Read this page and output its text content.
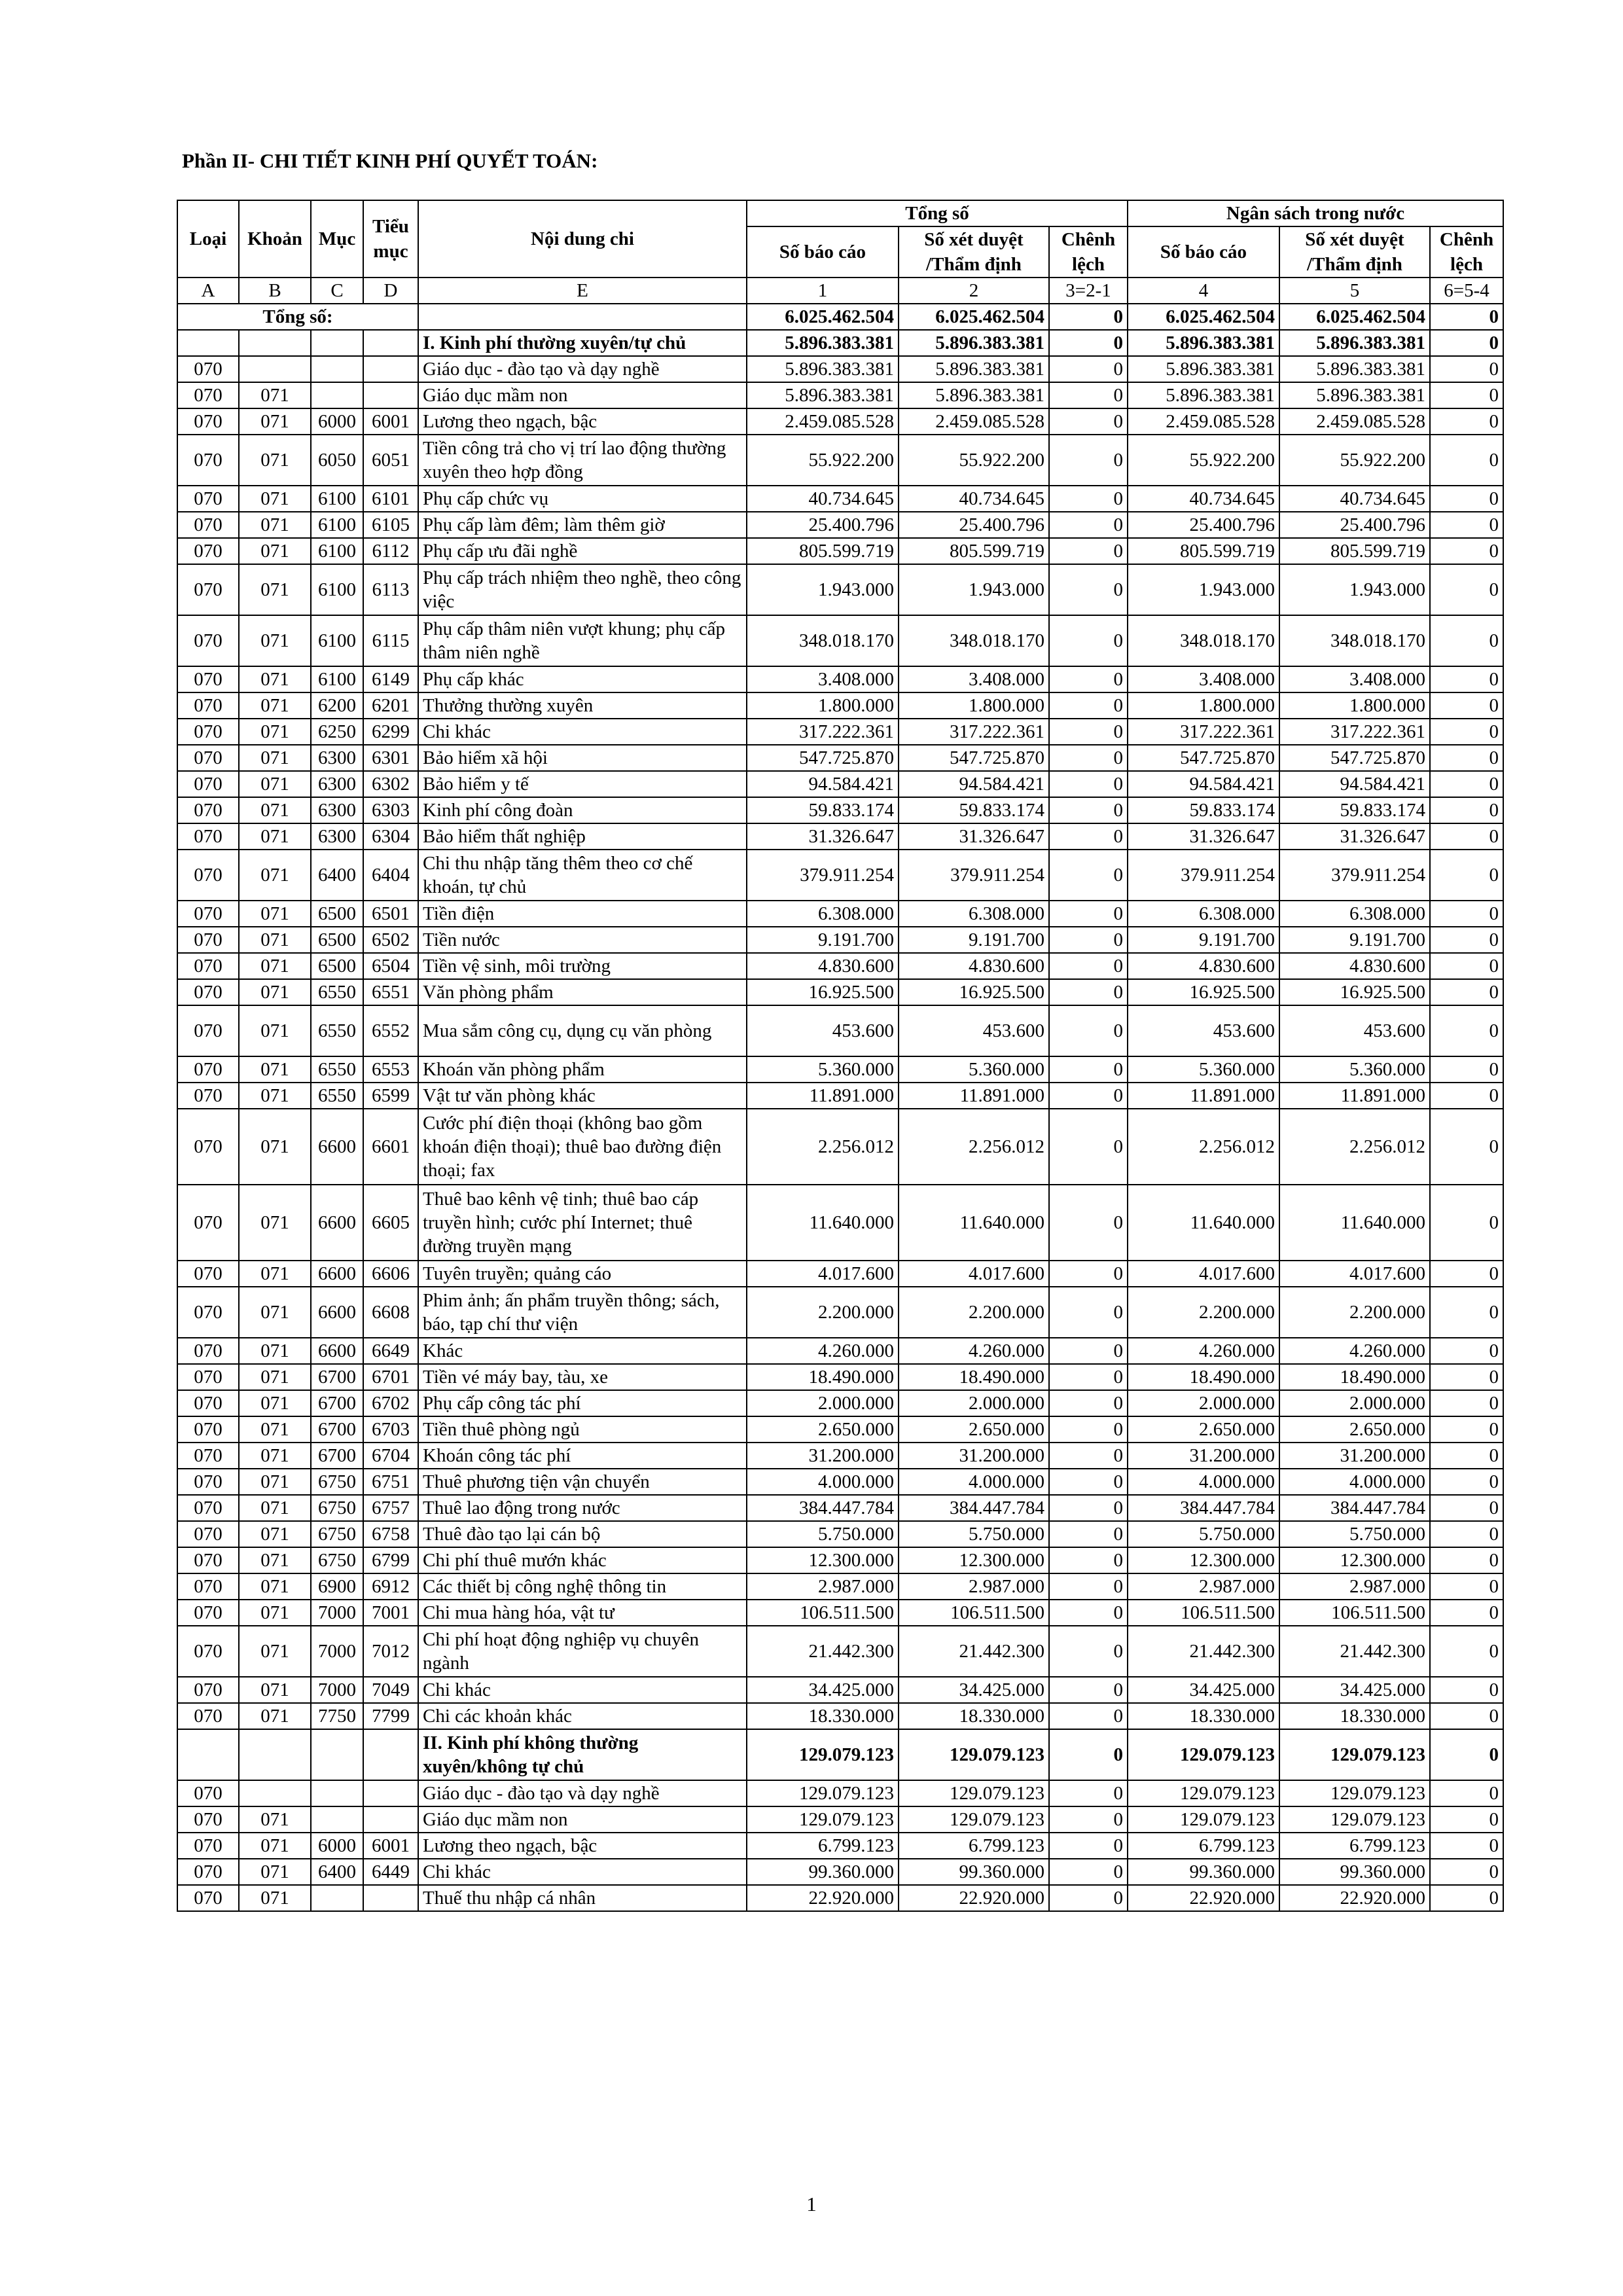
Phần II- CHI TIẾT KINH PHÍ QUYẾT TOÁN:
Loại	Khoản	Mục	Tiểu mục	Nội dung chi	Tổng số			Ngân sách trong nước		
					Số báo cáo	Số xét duyệt /Thẩm định	Chênh lệch	Số báo cáo	Số xét duyệt /Thẩm định	Chênh lệch
A	B	C	D	E	1	2	3=2-1	4	5	6=5-4
Tổng số:					6.025.462.504	6.025.462.504	0	6.025.462.504	6.025.462.504	0
				I. Kinh phí thường xuyên/tự chủ	5.896.383.381	5.896.383.381	0	5.896.383.381	5.896.383.381	0
070				Giáo dục - đào tạo và dạy nghề	5.896.383.381	5.896.383.381	0	5.896.383.381	5.896.383.381	0
070	071			Giáo dục mầm non	5.896.383.381	5.896.383.381	0	5.896.383.381	5.896.383.381	0
070	071	6000	6001	Lương theo ngạch, bậc	2.459.085.528	2.459.085.528	0	2.459.085.528	2.459.085.528	0
070	071	6050	6051	Tiền công trả cho vị trí lao động thường xuyên theo hợp đồng	55.922.200	55.922.200	0	55.922.200	55.922.200	0
070	071	6100	6101	Phụ cấp chức vụ	40.734.645	40.734.645	0	40.734.645	40.734.645	0
070	071	6100	6105	Phụ cấp làm đêm; làm thêm giờ	25.400.796	25.400.796	0	25.400.796	25.400.796	0
070	071	6100	6112	Phụ cấp ưu đãi nghề	805.599.719	805.599.719	0	805.599.719	805.599.719	0
070	071	6100	6113	Phụ cấp trách nhiệm theo nghề, theo công việc	1.943.000	1.943.000	0	1.943.000	1.943.000	0
070	071	6100	6115	Phụ cấp thâm niên vượt khung; phụ cấp thâm niên nghề	348.018.170	348.018.170	0	348.018.170	348.018.170	0
070	071	6100	6149	Phụ cấp khác	3.408.000	3.408.000	0	3.408.000	3.408.000	0
070	071	6200	6201	Thưởng thường xuyên	1.800.000	1.800.000	0	1.800.000	1.800.000	0
070	071	6250	6299	Chi khác	317.222.361	317.222.361	0	317.222.361	317.222.361	0
070	071	6300	6301	Bảo hiểm xã hội	547.725.870	547.725.870	0	547.725.870	547.725.870	0
070	071	6300	6302	Bảo hiểm y tế	94.584.421	94.584.421	0	94.584.421	94.584.421	0
070	071	6300	6303	Kinh phí công đoàn	59.833.174	59.833.174	0	59.833.174	59.833.174	0
070	071	6300	6304	Bảo hiểm thất nghiệp	31.326.647	31.326.647	0	31.326.647	31.326.647	0
070	071	6400	6404	Chi thu nhập tăng thêm theo cơ chế khoán, tự chủ	379.911.254	379.911.254	0	379.911.254	379.911.254	0
070	071	6500	6501	Tiền điện	6.308.000	6.308.000	0	6.308.000	6.308.000	0
070	071	6500	6502	Tiền nước	9.191.700	9.191.700	0	9.191.700	9.191.700	0
070	071	6500	6504	Tiền vệ sinh, môi trường	4.830.600	4.830.600	0	4.830.600	4.830.600	0
070	071	6550	6551	Văn phòng phẩm	16.925.500	16.925.500	0	16.925.500	16.925.500	0
070	071	6550	6552	Mua sắm công cụ, dụng cụ văn phòng	453.600	453.600	0	453.600	453.600	0
070	071	6550	6553	Khoán văn phòng phẩm	5.360.000	5.360.000	0	5.360.000	5.360.000	0
070	071	6550	6599	Vật tư văn phòng khác	11.891.000	11.891.000	0	11.891.000	11.891.000	0
070	071	6600	6601	Cước phí điện thoại (không bao gồm khoán điện thoại); thuê bao đường điện thoại; fax	2.256.012	2.256.012	0	2.256.012	2.256.012	0
070	071	6600	6605	Thuê bao kênh vệ tinh; thuê bao cáp truyền hình; cước phí Internet; thuê đường truyền mạng	11.640.000	11.640.000	0	11.640.000	11.640.000	0
070	071	6600	6606	Tuyên truyền; quảng cáo	4.017.600	4.017.600	0	4.017.600	4.017.600	0
070	071	6600	6608	Phim ảnh; ấn phẩm truyền thông; sách, báo, tạp chí thư viện	2.200.000	2.200.000	0	2.200.000	2.200.000	0
070	071	6600	6649	Khác	4.260.000	4.260.000	0	4.260.000	4.260.000	0
070	071	6700	6701	Tiền vé máy bay, tàu, xe	18.490.000	18.490.000	0	18.490.000	18.490.000	0
070	071	6700	6702	Phụ cấp công tác phí	2.000.000	2.000.000	0	2.000.000	2.000.000	0
070	071	6700	6703	Tiền thuê phòng ngủ	2.650.000	2.650.000	0	2.650.000	2.650.000	0
070	071	6700	6704	Khoán công tác phí	31.200.000	31.200.000	0	31.200.000	31.200.000	0
070	071	6750	6751	Thuê phương tiện vận chuyển	4.000.000	4.000.000	0	4.000.000	4.000.000	0
070	071	6750	6757	Thuê lao động trong nước	384.447.784	384.447.784	0	384.447.784	384.447.784	0
070	071	6750	6758	Thuê đào tạo lại cán bộ	5.750.000	5.750.000	0	5.750.000	5.750.000	0
070	071	6750	6799	Chi phí thuê mướn khác	12.300.000	12.300.000	0	12.300.000	12.300.000	0
070	071	6900	6912	Các thiết bị công nghệ thông tin	2.987.000	2.987.000	0	2.987.000	2.987.000	0
070	071	7000	7001	Chi mua hàng hóa, vật tư	106.511.500	106.511.500	0	106.511.500	106.511.500	0
070	071	7000	7012	Chi phí hoạt động nghiệp vụ chuyên ngành	21.442.300	21.442.300	0	21.442.300	21.442.300	0
070	071	7000	7049	Chi khác	34.425.000	34.425.000	0	34.425.000	34.425.000	0
070	071	7750	7799	Chi các khoản khác	18.330.000	18.330.000	0	18.330.000	18.330.000	0
				II. Kinh phí không thường xuyên/không tự chủ	129.079.123	129.079.123	0	129.079.123	129.079.123	0
070				Giáo dục - đào tạo và dạy nghề	129.079.123	129.079.123	0	129.079.123	129.079.123	0
070	071			Giáo dục mầm non	129.079.123	129.079.123	0	129.079.123	129.079.123	0
070	071	6000	6001	Lương theo ngạch, bậc	6.799.123	6.799.123	0	6.799.123	6.799.123	0
070	071	6400	6449	Chi khác	99.360.000	99.360.000	0	99.360.000	99.360.000	0
070	071			Thuế thu nhập cá nhân	22.920.000	22.920.000	0	22.920.000	22.920.000	0
1
